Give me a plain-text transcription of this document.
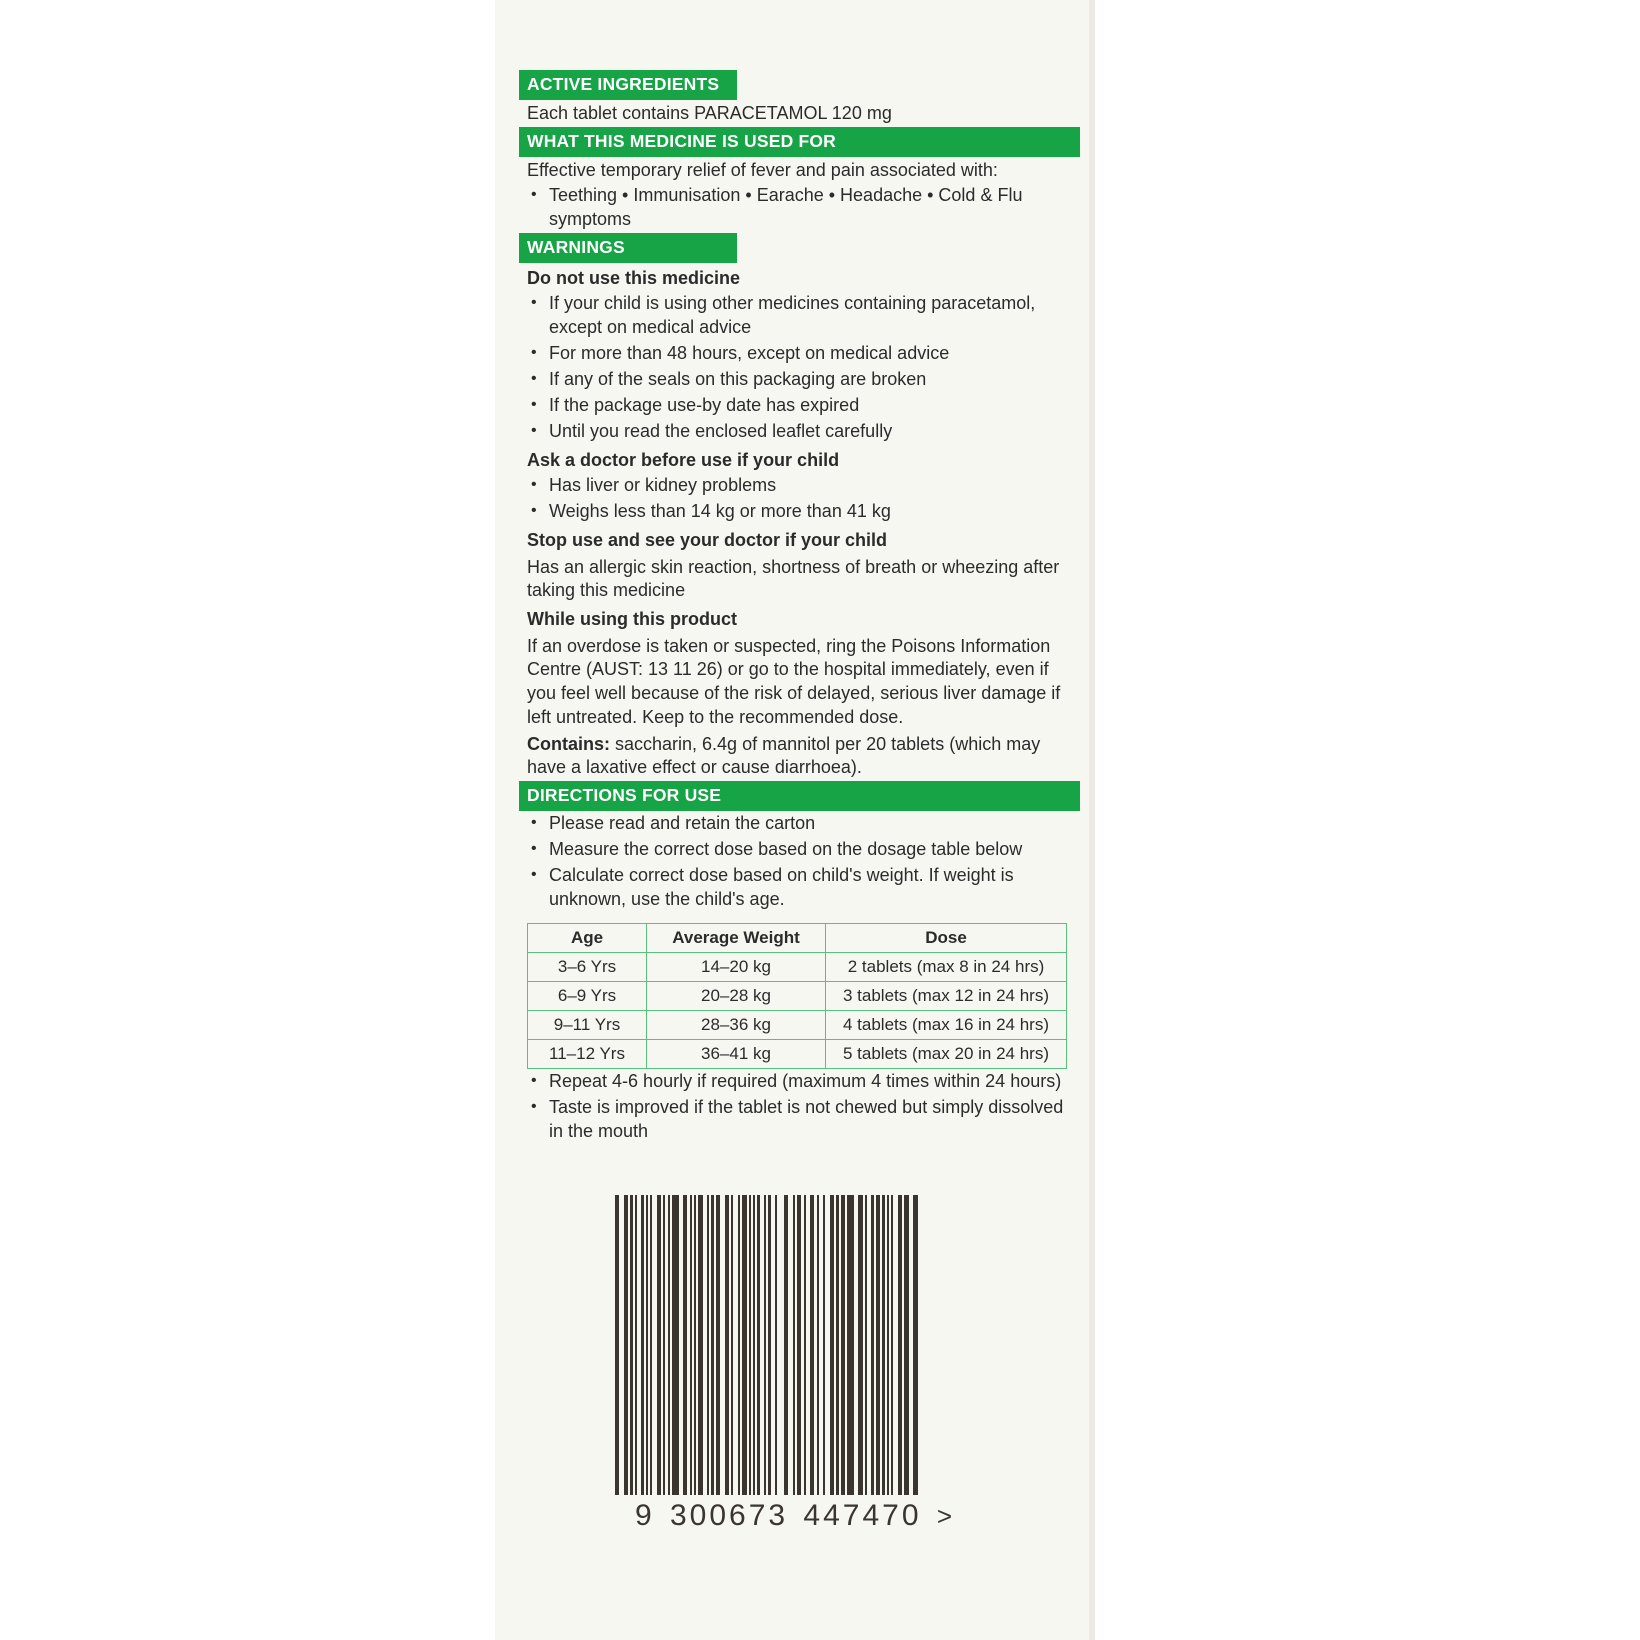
ACTIVE INGREDIENTS
Each tablet contains PARACETAMOL 120 mg
WHAT THIS MEDICINE IS USED FOR
Effective temporary relief of fever and pain associated with:
• Teething • Immunisation • Earache • Headache • Cold & Flu symptoms
WARNINGS
Do not use this medicine
• If your child is using other medicines containing paracetamol, except on medical advice
• For more than 48 hours, except on medical advice
• If any of the seals on this packaging are broken
• If the package use-by date has expired
• Until you read the enclosed leaflet carefully
Ask a doctor before use if your child
• Has liver or kidney problems
• Weighs less than 14 kg or more than 41 kg
Stop use and see your doctor if your child
Has an allergic skin reaction, shortness of breath or wheezing after taking this medicine
While using this product
If an overdose is taken or suspected, ring the Poisons Information Centre (AUST: 13 11 26) or go to the hospital immediately, even if you feel well because of the risk of delayed, serious liver damage if left untreated. Keep to the recommended dose.
Contains: saccharin, 6.4g of mannitol per 20 tablets (which may have a laxative effect or cause diarrhoea).
DIRECTIONS FOR USE
• Please read and retain the carton
• Measure the correct dose based on the dosage table below
• Calculate correct dose based on child's weight. If weight is unknown, use the child's age.
Age	Average Weight	Dose
3–6 Yrs	14–20 kg	2 tablets (max 8 in 24 hrs)
6–9 Yrs	20–28 kg	3 tablets (max 12 in 24 hrs)
9–11 Yrs	28–36 kg	4 tablets (max 16 in 24 hrs)
11–12 Yrs	36–41 kg	5 tablets (max 20 in 24 hrs)
• Repeat 4-6 hourly if required (maximum 4 times within 24 hours)
• Taste is improved if the tablet is not chewed but simply dissolved in the mouth
9 300673 447470 >
